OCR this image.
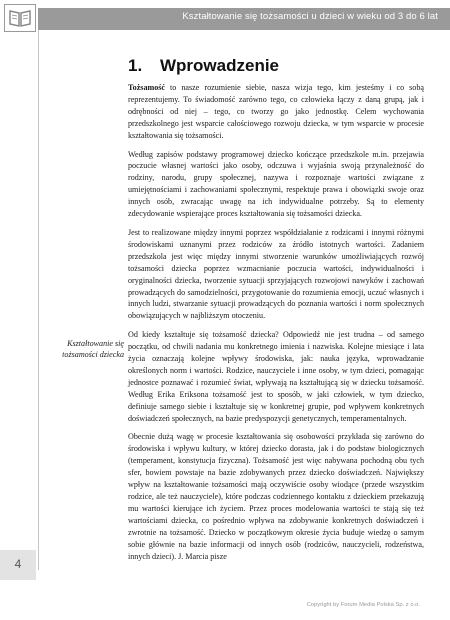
Kształtowanie się tożsamości u dzieci w wieku od 3 do 6 lat
1. Wprowadzenie

Tożsamość to nasze rozumienie siebie, nasza wizja tego, kim jesteśmy i co sobą reprezentujemy. To świadomość zarówno tego, co człowieka łączy z daną grupą, jak i odrębności od niej – tego, co tworzy go jako jednostkę. Celem wychowania przedszkolnego jest wsparcie całościowego rozwoju dziecka, w tym wsparcie w procesie kształtowania się tożsamości.

Według zapisów podstawy programowej dziecko kończące przedszkole m.in. przejawia poczucie własnej wartości jako osoby, odczuwa i wyjaśnia swoją przynależność do rodziny, narodu, grupy społecznej, nazywa i rozpoznaje wartości związane z umiejętnościami i zachowaniami społecznymi, respektuje prawa i obowiązki swoje oraz innych osób, zwracając uwagę na ich indywidualne potrzeby. Są to elementy zdecydowanie wspierające proces kształtowania się tożsamości dziecka.

Jest to realizowane między innymi poprzez współdziałanie z rodzicami i innymi różnymi środowiskami uznanymi przez rodziców za źródło istotnych wartości. Zadaniem przedszkola jest więc między innymi stworzenie warunków umożliwiających rozwój tożsamości dziecka poprzez wzmacnianie poczucia wartości, indywidualności i oryginalności dziecka, tworzenie sytuacji sprzyjających rozwojowi nawyków i zachowań prowadzących do samodzielności, przygotowanie do rozumienia emocji, uczuć własnych i innych ludzi, stwarzanie sytuacji prowadzących do poznania wartości i norm społecznych obowiązujących w najbliższym otoczeniu.

Od kiedy kształtuje się tożsamość dziecka? Odpowiedź nie jest trudna – od samego początku, od chwili nadania mu konkretnego imienia i nazwiska. Kolejne miesiące i lata życia oznaczają kolejne wpływy środowiska, jak: nauka języka, wprowadzanie określonych norm i wartości. Rodzice, nauczyciele i inne osoby, w tym dzieci, pomagając jednostce poznawać i rozumieć świat, wpływają na kształtującą się w dziecku tożsamość. Według Erika Eriksona tożsamość jest to sposób, w jaki człowiek, w tym dziecko, definiuje samego siebie i kształtuje się w konkretnej grupie, pod wpływem konkretnych doświadczeń społecznych, na bazie predyspozycji genetycznych, temperamentalnych.

Obecnie dużą wagę w procesie kształtowania się osobowości przykłada się zarówno do środowiska i wpływu kultury, w której dziecko dorasta, jak i do podstaw biologicznych (temperament, konstytucja fizyczna). Tożsamość jest więc nabywana pochodną obu tych sfer, bowiem powstaje na bazie zdobywanych przez dziecko doświadczeń. Największy wpływ na kształtowanie tożsamości mają oczywiście osoby wiodące (przede wszystkim rodzice, ale też nauczyciele), które podczas codziennego kontaktu z dzieckiem przekazują mu wartości kierujące ich życiem. Przez proces modelowania wartości te stają się też wartościami dziecka, co pośrednio wpływa na zdobywanie konkretnych doświadczeń i zwrotnie na tożsamość. Dziecko w początkowym okresie życia buduje wiedzę o samym sobie głównie na bazie informacji od innych osób (rodziców, nauczycieli, rodzeństwa, innych dzieci). J. Marcia pisze

Kształtowanie się tożsamości dziecka
4
Copyright by Forum Media Polska Sp. z o.o.
